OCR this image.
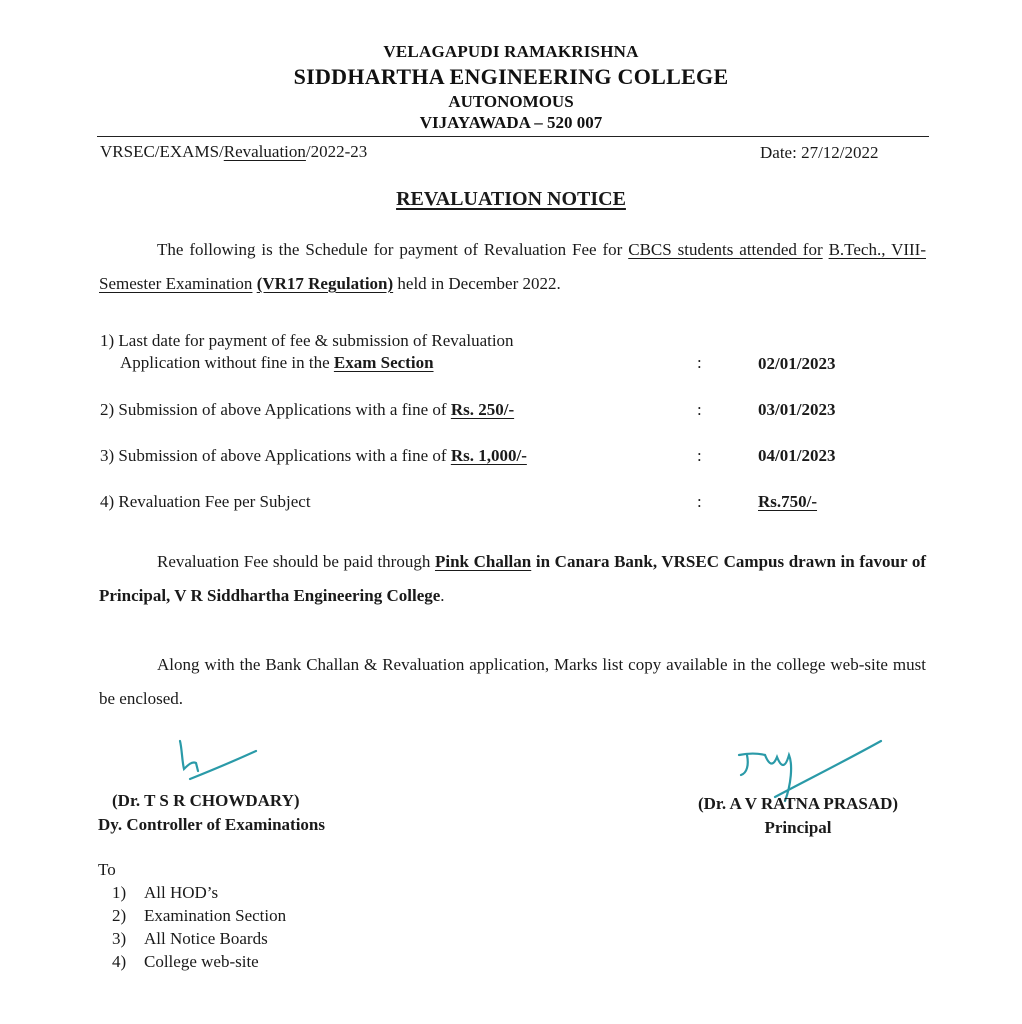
VELAGAPUDI RAMAKRISHNA
SIDDHARTHA ENGINEERING COLLEGE
AUTONOMOUS
VIJAYAWADA – 520 007
VRSEC/EXAMS/Revaluation/2022-23	Date: 27/12/2022
REVALUATION NOTICE
The following is the Schedule for payment of Revaluation Fee for CBCS students attended for B.Tech., VIII-Semester Examination (VR17 Regulation) held in December 2022.
1) Last date for payment of fee & submission of Revaluation
Application without fine in the Exam Section	:	02/01/2023
2) Submission of above Applications with a fine of Rs. 250/-	:	03/01/2023
3) Submission of above Applications with a fine of Rs. 1,000/-	:	04/01/2023
4) Revaluation Fee per Subject	:	Rs.750/-
Revaluation Fee should be paid through Pink Challan in Canara Bank, VRSEC Campus drawn in favour of Principal, V R Siddhartha Engineering College.
Along with the Bank Challan & Revaluation application, Marks list copy available in the college web-site must be enclosed.
(Dr. T S R CHOWDARY)
Dy. Controller of Examinations
(Dr. A V RATNA PRASAD)
Principal
To
1) All HOD’s
2) Examination Section
3) All Notice Boards
4) College web-site
